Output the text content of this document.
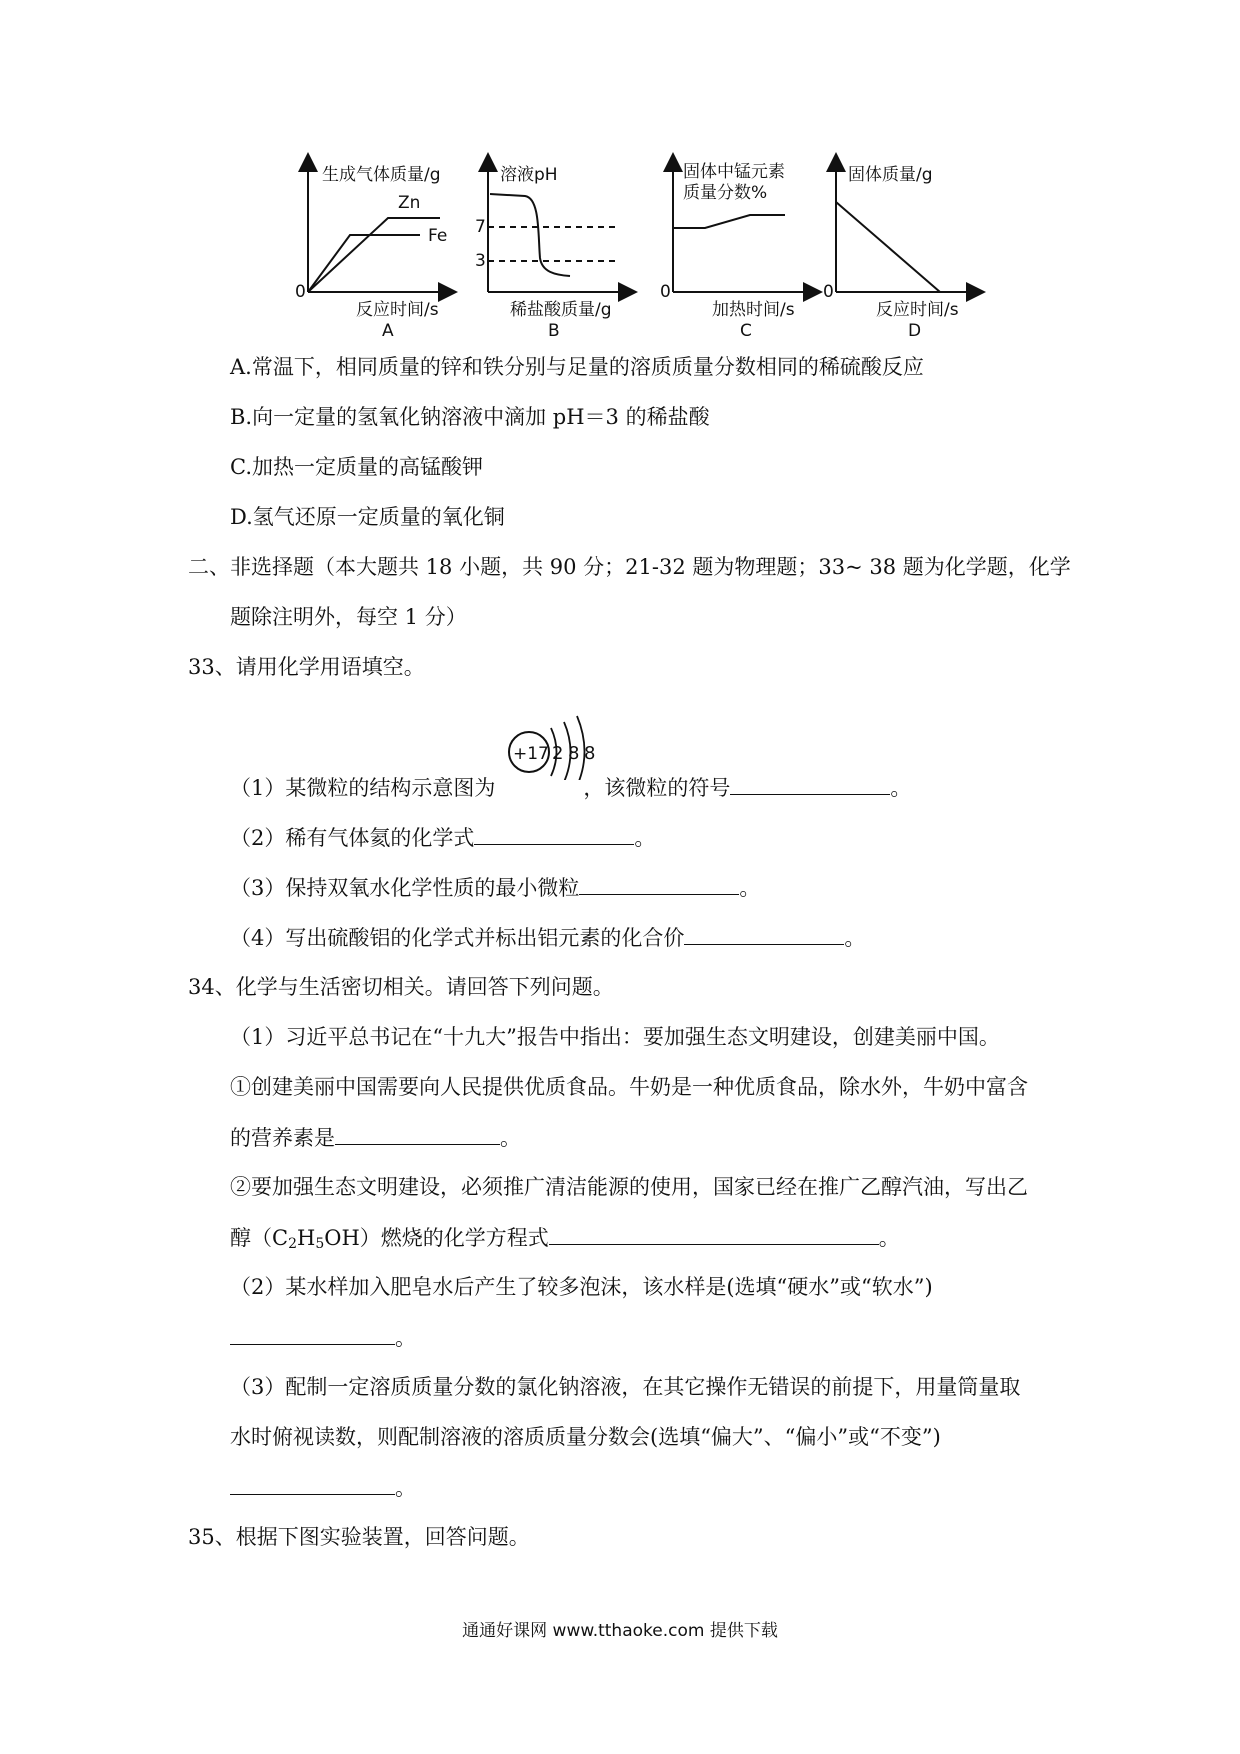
生成气体质量/g
Zn
Fe
0
反应时间/s
A
溶液pH
7
3
稀盐酸质量/g
B
固体中锰元素
质量分数%
0
加热时间/s
C
固体质量/g
0
反应时间/s
D
A.常温下，相同质量的锌和铁分别与足量的溶质质量分数相同的稀硫酸反应
B.向一定量的氢氧化钠溶液中滴加 pH＝3 的稀盐酸
C.加热一定质量的高锰酸钾
D.氢气还原一定质量的氧化铜
二、非选择题（本大题共 18 小题，共 90 分；21-32 题为物理题；33~ 38 题为化学题，化学
题除注明外，每空 1 分）
33、请用化学用语填空。
+17 2 8 8
（1）某微粒的结构示意图为	，该微粒的符号	。
（2）稀有气体氦的化学式	。
（3）保持双氧水化学性质的最小微粒	。
（4）写出硫酸铝的化学式并标出铝元素的化合价	。
34、化学与生活密切相关。请回答下列问题。
（1）习近平总书记在“十九大”报告中指出：要加强生态文明建设，创建美丽中国。
①创建美丽中国需要向人民提供优质食品。牛奶是一种优质食品，除水外，牛奶中富含
的营养素是	。
②要加强生态文明建设，必须推广清洁能源的使用，国家已经在推广乙醇汽油，写出乙
醇$(C_2H_5OH)$燃烧的化学方程式	。
（2）某水样加入肥皂水后产生了较多泡沫，该水样是(选填“硬水”或“软水”)
。
（3）配制一定溶质质量分数的氯化钠溶液，在其它操作无错误的前提下，用量筒量取
水时俯视读数，则配制溶液的溶质质量分数会(选填“偏大”、“偏小”或“不变”)
。
35、根据下图实验装置，回答问题。
通通好课网 www.tthaoke.com 提供下载
